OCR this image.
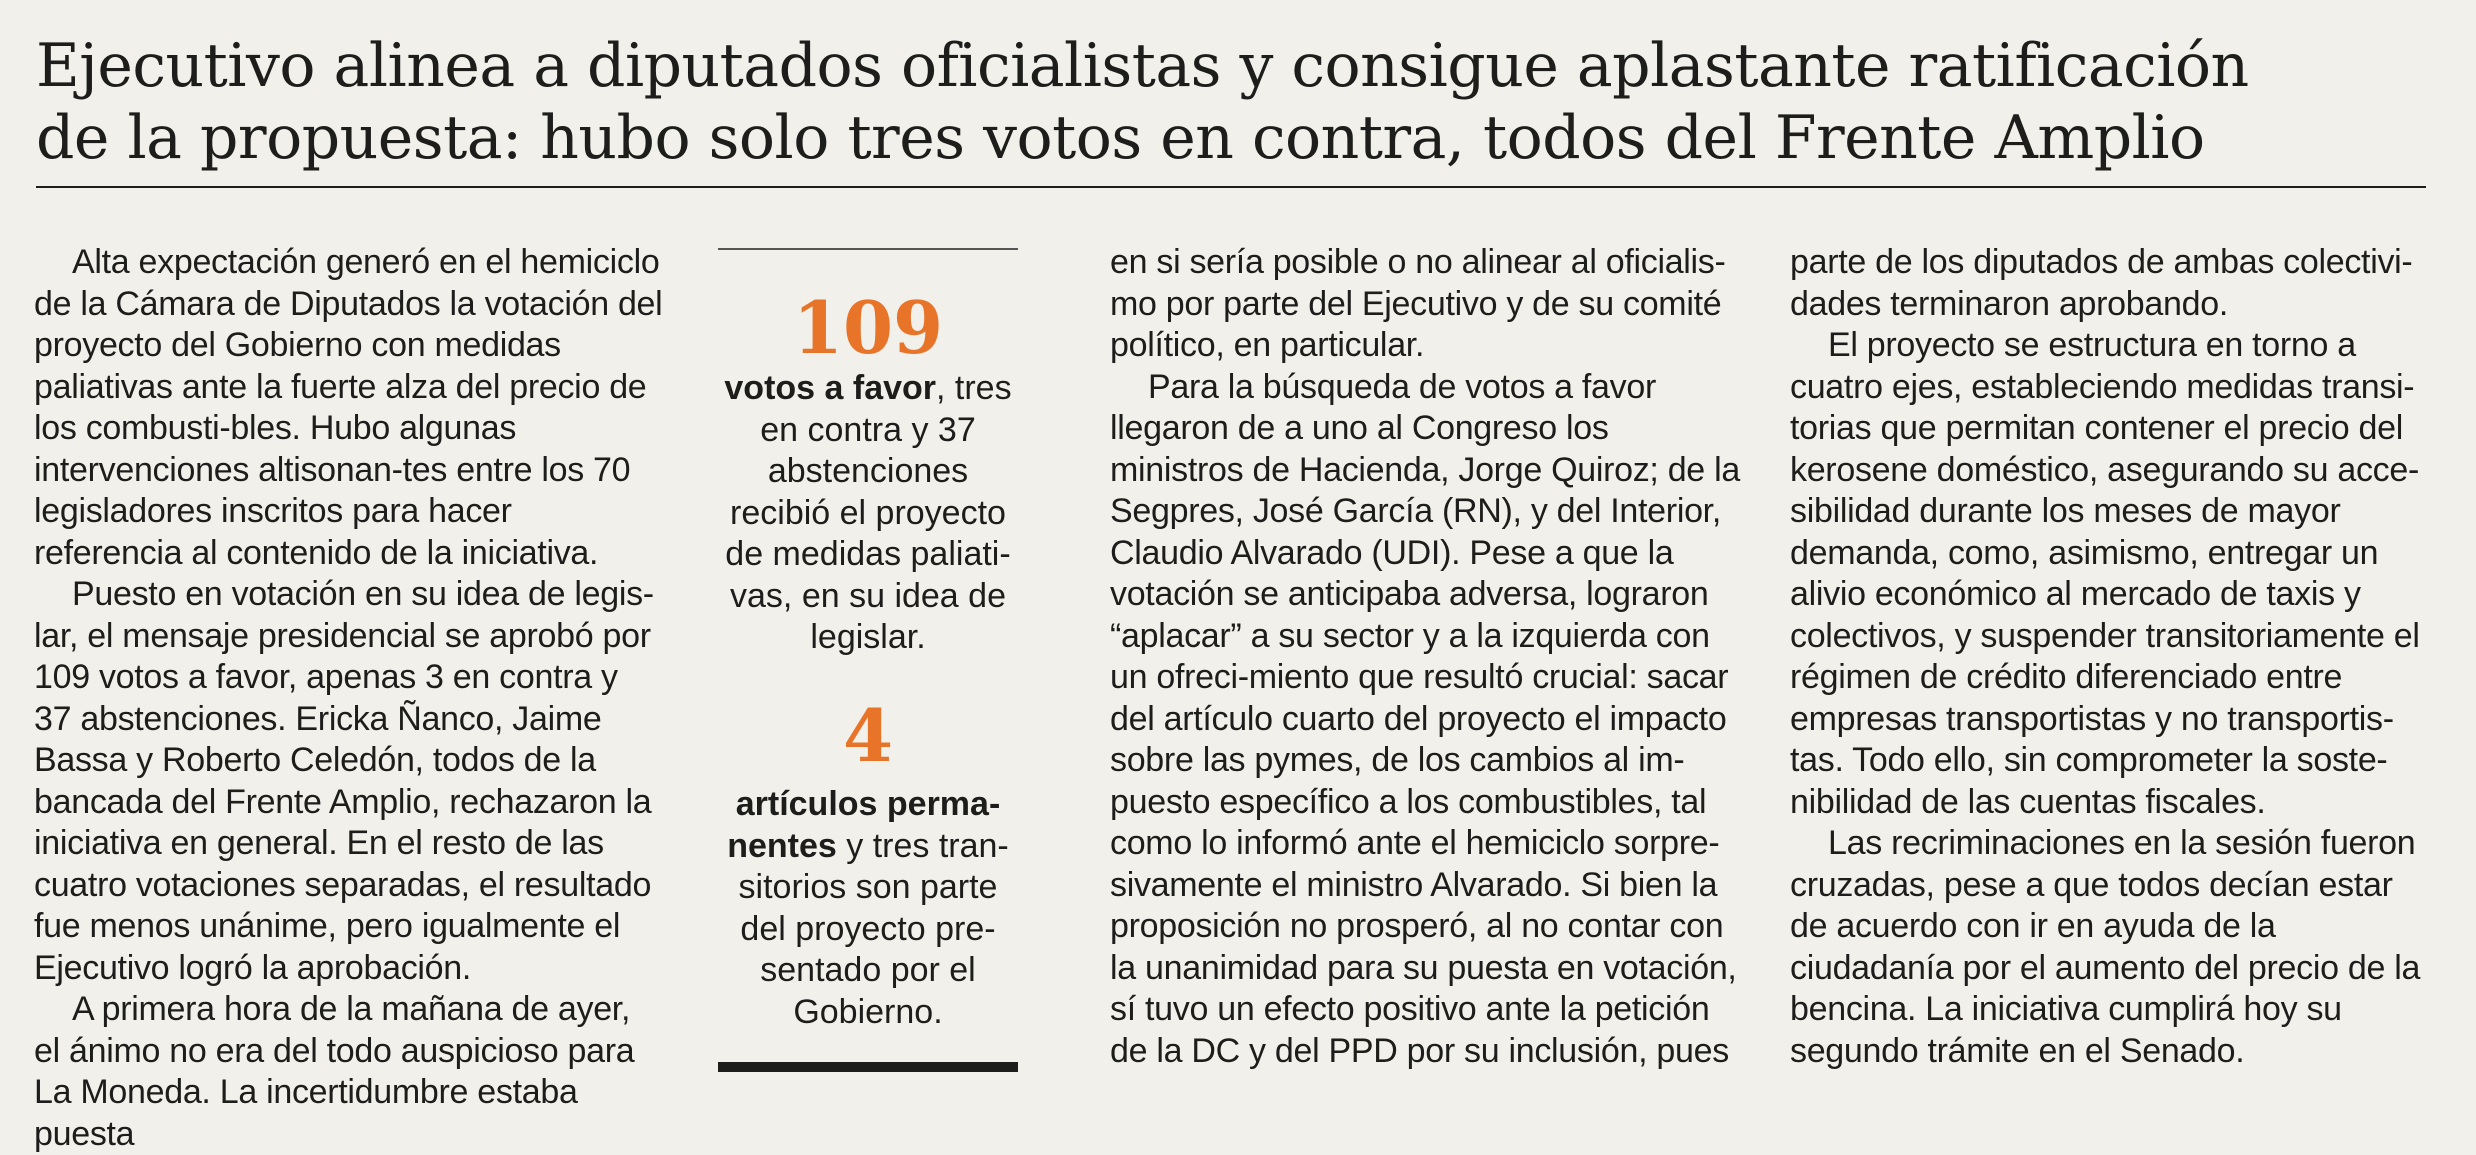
Ejecutivo alinea a diputados oficialistas y consigue aplastante ratificación
de la propuesta: hubo solo tres votos en contra, todos del Frente Amplio

Alta expectación generó en el hemiciclo de la Cámara de Diputados la votación del proyecto del Gobierno con medidas paliativas ante la fuerte alza del precio de los combusti-bles. Hubo algunas intervenciones altisonan-tes entre los 70 legisladores inscritos para hacer referencia al contenido de la iniciativa.

Puesto en votación en su idea de legis-lar, el mensaje presidencial se aprobó por 109 votos a favor, apenas 3 en contra y 37 abstenciones. Ericka Ñanco, Jaime Bassa y Roberto Celedón, todos de la bancada del Frente Amplio, rechazaron la iniciativa en general. En el resto de las cuatro votaciones separadas, el resultado fue menos unánime, pero igualmente el Ejecutivo logró la aprobación.

A primera hora de la mañana de ayer, el ánimo no era del todo auspicioso para La Moneda. La incertidumbre estaba puesta

109
votos a favor, tres en contra y 37 abstenciones recibió el proyecto de medidas paliati-vas, en su idea de legislar.
4
artículos perma-nentes y tres tran-sitorios son parte del proyecto pre-sentado por el Gobierno.

en si sería posible o no alinear al oficialis-mo por parte del Ejecutivo y de su comité político, en particular.

Para la búsqueda de votos a favor llegaron de a uno al Congreso los ministros de Hacienda, Jorge Quiroz; de la Segpres, José García (RN), y del Interior, Claudio Alvarado (UDI). Pese a que la votación se anticipaba adversa, lograron “aplacar” a su sector y a la izquierda con un ofreci-miento que resultó crucial: sacar del artículo cuarto del proyecto el impacto sobre las pymes, de los cambios al im-puesto específico a los combustibles, tal como lo informó ante el hemiciclo sorpre-sivamente el ministro Alvarado. Si bien la proposición no prosperó, al no contar con la unanimidad para su puesta en votación, sí tuvo un efecto positivo ante la petición de la DC y del PPD por su inclusión, pues

parte de los diputados de ambas colectivi-dades terminaron aprobando.

El proyecto se estructura en torno a cuatro ejes, estableciendo medidas transi-torias que permitan contener el precio del kerosene doméstico, asegurando su acce-sibilidad durante los meses de mayor demanda, como, asimismo, entregar un alivio económico al mercado de taxis y colectivos, y suspender transitoriamente el régimen de crédito diferenciado entre empresas transportistas y no transportis-tas. Todo ello, sin comprometer la soste-nibilidad de las cuentas fiscales.

Las recriminaciones en la sesión fueron cruzadas, pese a que todos decían estar de acuerdo con ir en ayuda de la ciudadanía por el aumento del precio de la bencina. La iniciativa cumplirá hoy su segundo trámite en el Senado.
